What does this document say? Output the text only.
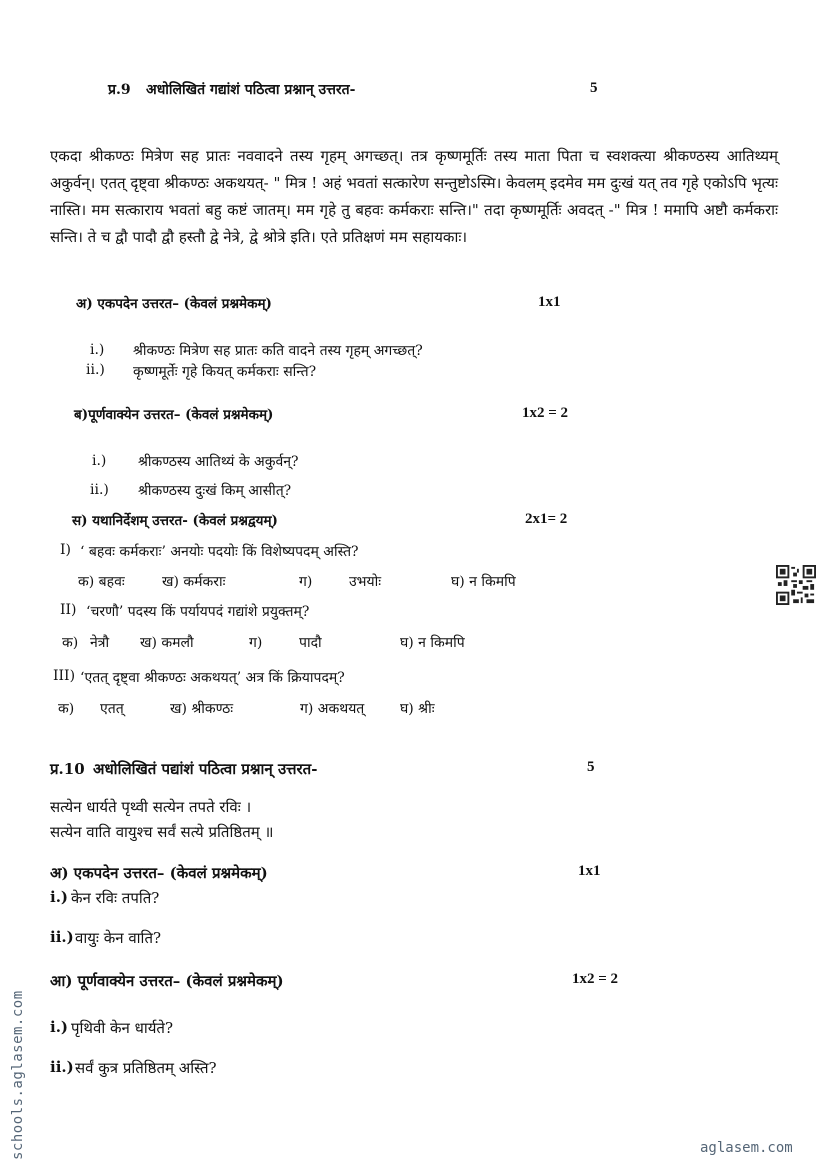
प्र.9 अधोलिखितं गद्यांशं पठित्वा प्रश्नान् उत्तरत-	5
एकदा श्रीकण्ठः मित्रेण सह प्रातः नववादने तस्य गृहम् अगच्छत्। तत्र कृष्णमूर्तिः तस्य माता पिता च स्वशक्त्या श्रीकण्ठस्य आतिथ्यम् अकुर्वन्। एतत् दृष्ट्वा श्रीकण्ठः अकथयत्- " मित्र ! अहं भवतां सत्कारेण सन्तुष्टोऽस्मि। केवलम् इदमेव मम दुःखं यत् तव गृहे एकोऽपि भृत्यः नास्ति। मम सत्काराय भवतां बहु कष्टं जातम्। मम गृहे तु बहवः कर्मकराः सन्ति।" तदा कृष्णमूर्तिः अवदत् -" मित्र ! ममापि अष्टौ कर्मकराः सन्ति। ते च द्वौ पादौ द्वौ हस्तौ द्वे नेत्रे, द्वे श्रोत्रे इति। एते प्रतिक्षणं मम सहायकाः।
अ) एकपदेन उत्तरत– (केवलं प्रश्नमेकम्)	1x1
i.) श्रीकण्ठः मित्रेण सह प्रातः कति वादने तस्य गृहम् अगच्छत्?
ii.) कृष्णमूर्तेः गृहे कियत् कर्मकराः सन्ति?
ब)पूर्णवाक्येन उत्तरत– (केवलं प्रश्नमेकम्)	1x2 = 2
i.) श्रीकण्ठस्य आतिथ्यं के अकुर्वन्?
ii.) श्रीकण्ठस्य दुःखं किम् आसीत्?
स) यथानिर्देशम् उत्तरत- (केवलं प्रश्नद्वयम्)	2x1= 2
I) ‘ बहवः कर्मकराः’ अनयोः पदयोः किं विशेष्यपदम् अस्ति?
क) बहवः	ख) कर्मकराः	ग)	उभयोः	घ) न किमपि
II) ‘चरणौ’ पदस्य किं पर्यायपदं गद्यांशे प्रयुक्तम्?
क) नेत्रौ ख) कमलौ	ग)	पादौ	घ) न किमपि
III) ‘एतत् दृष्ट्वा श्रीकण्ठः अकथयत्’ अत्र किं क्रियापदम्?
क) एतत्	ख) श्रीकण्ठः	ग) अकथयत्	घ) श्रीः
प्र.10 अधोलिखितं पद्यांशं पठित्वा प्रश्नान् उत्तरत-	5
सत्येन धार्यते पृथ्वी सत्येन तपते रविः ।
सत्येन वाति वायुश्च सर्वं सत्ये प्रतिष्ठितम् ॥
अ) एकपदेन उत्तरत– (केवलं प्रश्नमेकम्)	1x1
i.) केन रविः तपति?
ii.) वायुः केन वाति?
आ) पूर्णवाक्येन उत्तरत– (केवलं प्रश्नमेकम्)	1x2 = 2
i.) पृथिवी केन धार्यते?
ii.) सर्वं कुत्र प्रतिष्ठितम् अस्ति?
schools.aglasem.com	aglasem.com
